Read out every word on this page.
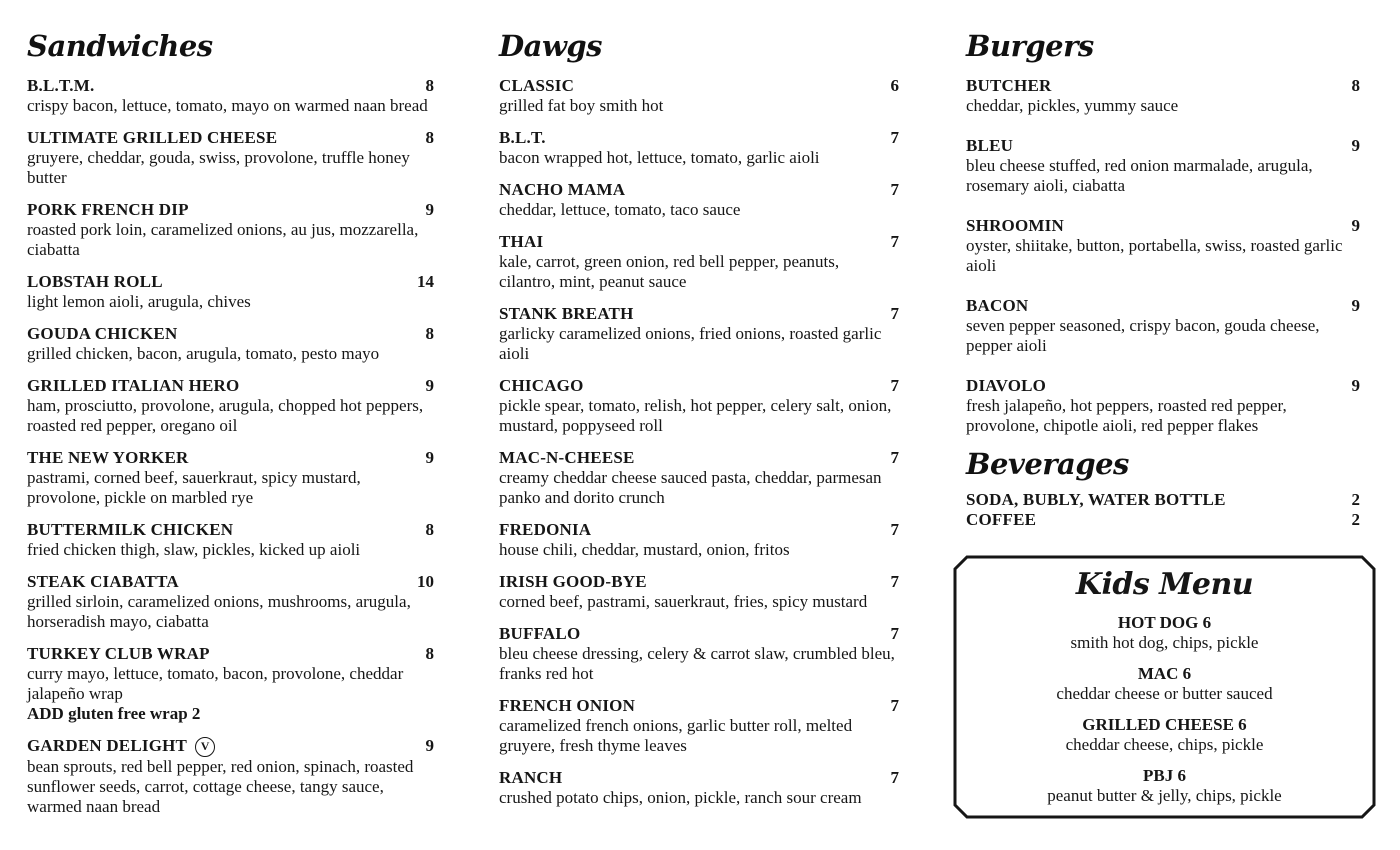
Sandwiches
B.L.T.M.	8
crispy bacon, lettuce, tomato, mayo on warmed naan bread
ULTIMATE GRILLED CHEESE	8
gruyere, cheddar, gouda, swiss, provolone, truffle honey butter
PORK FRENCH DIP	9
roasted pork loin, caramelized onions, au jus, mozzarella, ciabatta
LOBSTAH ROLL	14
light lemon aioli, arugula, chives
GOUDA CHICKEN	8
grilled chicken, bacon, arugula, tomato, pesto mayo
GRILLED ITALIAN HERO	9
ham, prosciutto, provolone, arugula, chopped hot peppers, roasted red pepper, oregano oil
THE NEW YORKER	9
pastrami, corned beef, sauerkraut, spicy mustard, provolone, pickle on marbled rye
BUTTERMILK CHICKEN	8
fried chicken thigh, slaw, pickles, kicked up aioli
STEAK CIABATTA	10
grilled sirloin, caramelized onions, mushrooms, arugula, horseradish mayo, ciabatta
TURKEY CLUB WRAP	8
curry mayo, lettuce, tomato, bacon, provolone, cheddar jalapeño wrap
ADD gluten free wrap 2
GARDEN DELIGHT V	9
bean sprouts, red bell pepper, red onion, spinach, roasted sunflower seeds, carrot, cottage cheese, tangy sauce, warmed naan bread
Dawgs
CLASSIC	6
grilled fat boy smith hot
B.L.T.	7
bacon wrapped hot, lettuce, tomato, garlic aioli
NACHO MAMA	7
cheddar, lettuce, tomato, taco sauce
THAI	7
kale, carrot, green onion, red bell pepper, peanuts, cilantro, mint, peanut sauce
STANK BREATH	7
garlicky caramelized onions, fried onions, roasted garlic aioli
CHICAGO	7
pickle spear, tomato, relish, hot pepper, celery salt, onion, mustard, poppyseed roll
MAC-N-CHEESE	7
creamy cheddar cheese sauced pasta, cheddar, parmesan panko and dorito crunch
FREDONIA	7
house chili, cheddar, mustard, onion, fritos
IRISH GOOD-BYE	7
corned beef, pastrami, sauerkraut, fries, spicy mustard
BUFFALO	7
bleu cheese dressing, celery & carrot slaw, crumbled bleu, franks red hot
FRENCH ONION	7
caramelized french onions, garlic butter roll, melted gruyere, fresh thyme leaves
RANCH	7
crushed potato chips, onion, pickle, ranch sour cream
Burgers
BUTCHER	8
cheddar, pickles, yummy sauce
BLEU	9
bleu cheese stuffed, red onion marmalade, arugula, rosemary aioli, ciabatta
SHROOMIN	9
oyster, shiitake, button, portabella, swiss, roasted garlic aioli
BACON	9
seven pepper seasoned, crispy bacon, gouda cheese, pepper aioli
DIAVOLO	9
fresh jalapeño, hot peppers, roasted red pepper, provolone, chipotle aioli, red pepper flakes
Beverages
SODA, BUBLY, WATER BOTTLE	2
COFFEE	2
Kids Menu
HOT DOG 6
smith hot dog, chips, pickle
MAC 6
cheddar cheese or butter sauced
GRILLED CHEESE 6
cheddar cheese, chips, pickle
PBJ 6
peanut butter & jelly, chips, pickle
